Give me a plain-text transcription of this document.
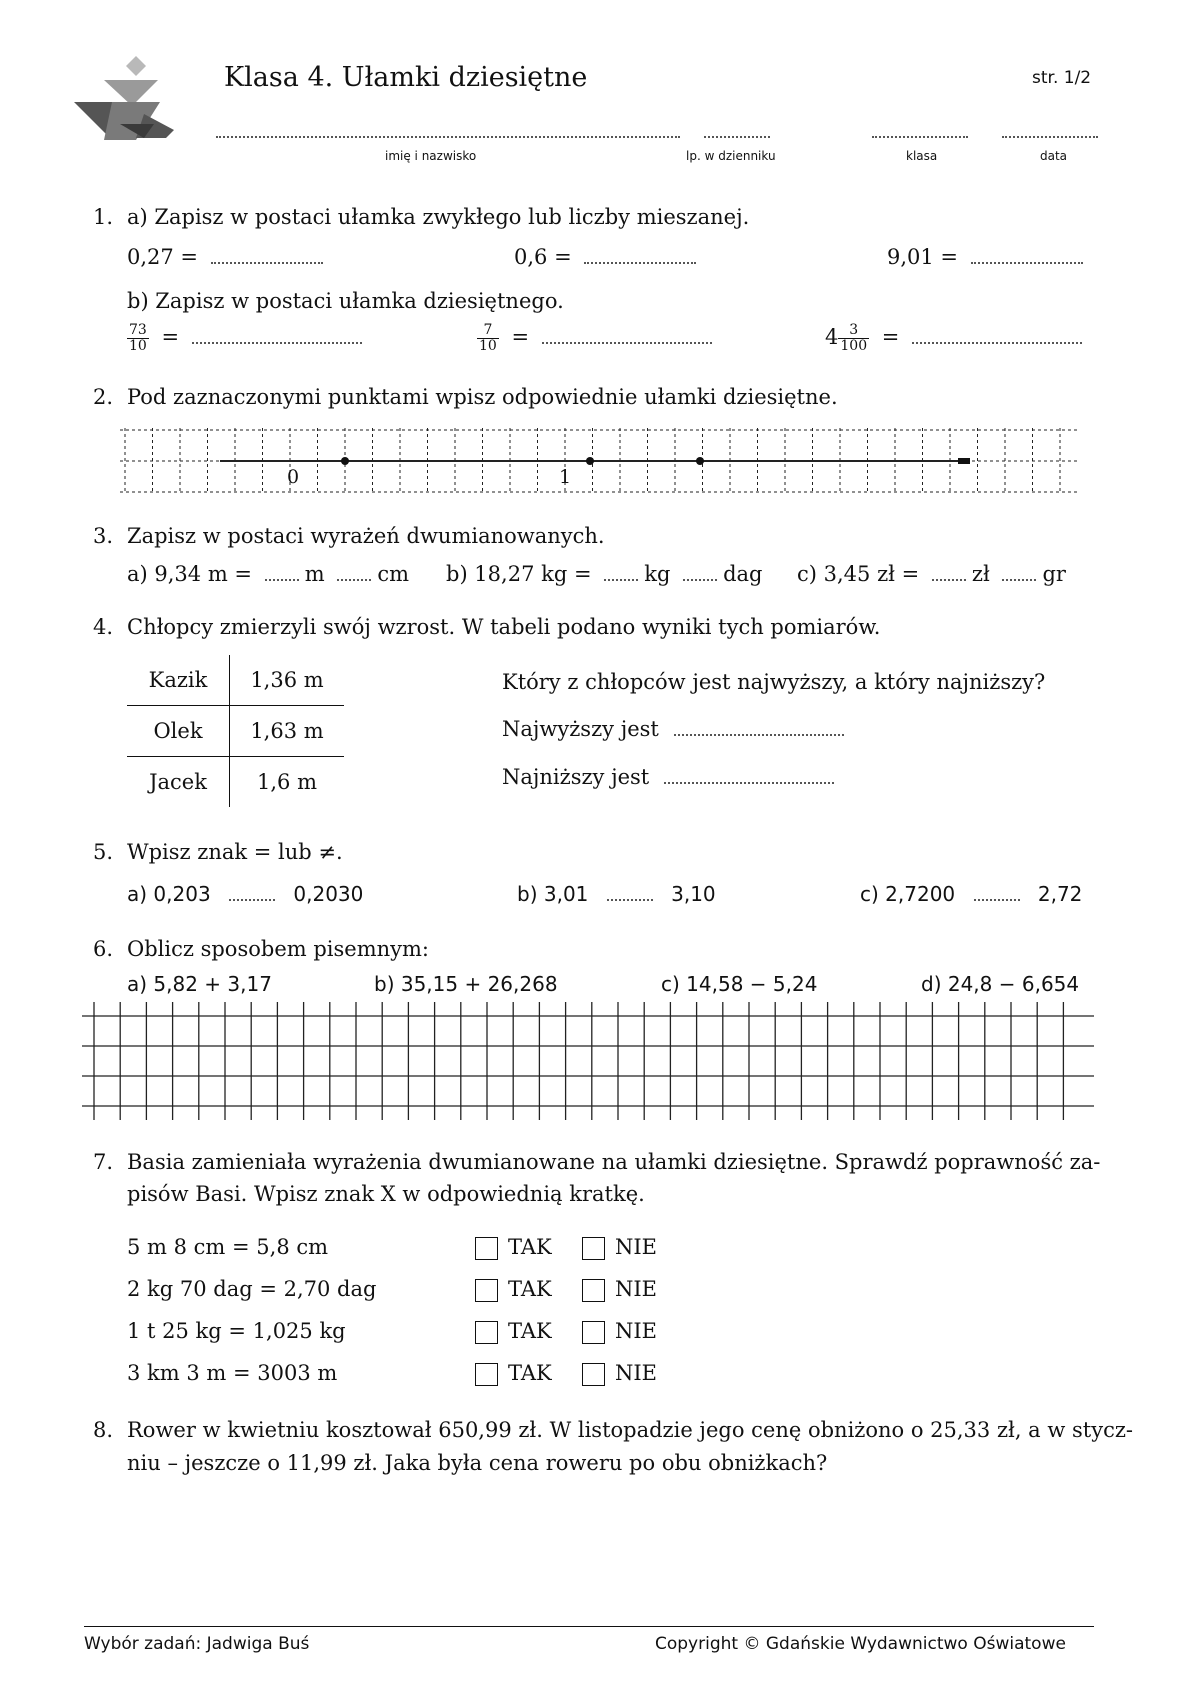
Klasa 4. Ułamki dziesiętne	str. 1/2
imię i nazwisko	lp. w dzienniku	klasa	data
1. a) Zapisz w postaci ułamka zwykłego lub liczby mieszanej.
0,27 =	0,6 =	9,01 =
b) Zapisz w postaci ułamka dziesiętnego.
$\frac{73}{10}$ =	$\frac{7}{10}$ =	$4 \frac{3}{100}$ =
2. Pod zaznaczonymi punktami wpisz odpowiednie ułamki dziesiętne.
0	1
3. Zapisz w postaci wyrażeń dwumianowanych.
a) 9,34 m =	m	cm b) 18,27 kg =	kg	dag c) 3,45 zł =	zł	gr
4. Chłopcy zmierzyli swój wzrost. W tabeli podano wyniki tych pomiarów.
Kazik	1,36 m
Olek	1,63 m
Jacek	1,6 m
Który z chłopców jest najwyższy, a który najniższy?
Najwyższy jest
Najniższy jest
5. Wpisz znak = lub ≠.
a) 0,203	0,2030	b) 3,01	3,10	c) 2,7200	2,72
6. Oblicz sposobem pisemnym:
a) 5,82 + 3,17	b) 35,15 + 26,268	c) 14,58 − 5,24	d) 24,8 − 6,654
7. Basia zamieniała wyrażenia dwumianowane na ułamki dziesiętne. Sprawdź poprawność za-
pisów Basi. Wpisz znak X w odpowiednią kratkę.
5 m 8 cm = 5,8 cm	TAK	NIE
2 kg 70 dag = 2,70 dag	TAK	NIE
1 t 25 kg = 1,025 kg	TAK	NIE
3 km 3 m = 3003 m	TAK	NIE
8. Rower w kwietniu kosztował 650,99 zł. W listopadzie jego cenę obniżono o 25,33 zł, a w stycz-
niu – jeszcze o 11,99 zł. Jaka była cena roweru po obu obniżkach?
Wybór zadań: Jadwiga Buś	Copyright © Gdańskie Wydawnictwo Oświatowe
